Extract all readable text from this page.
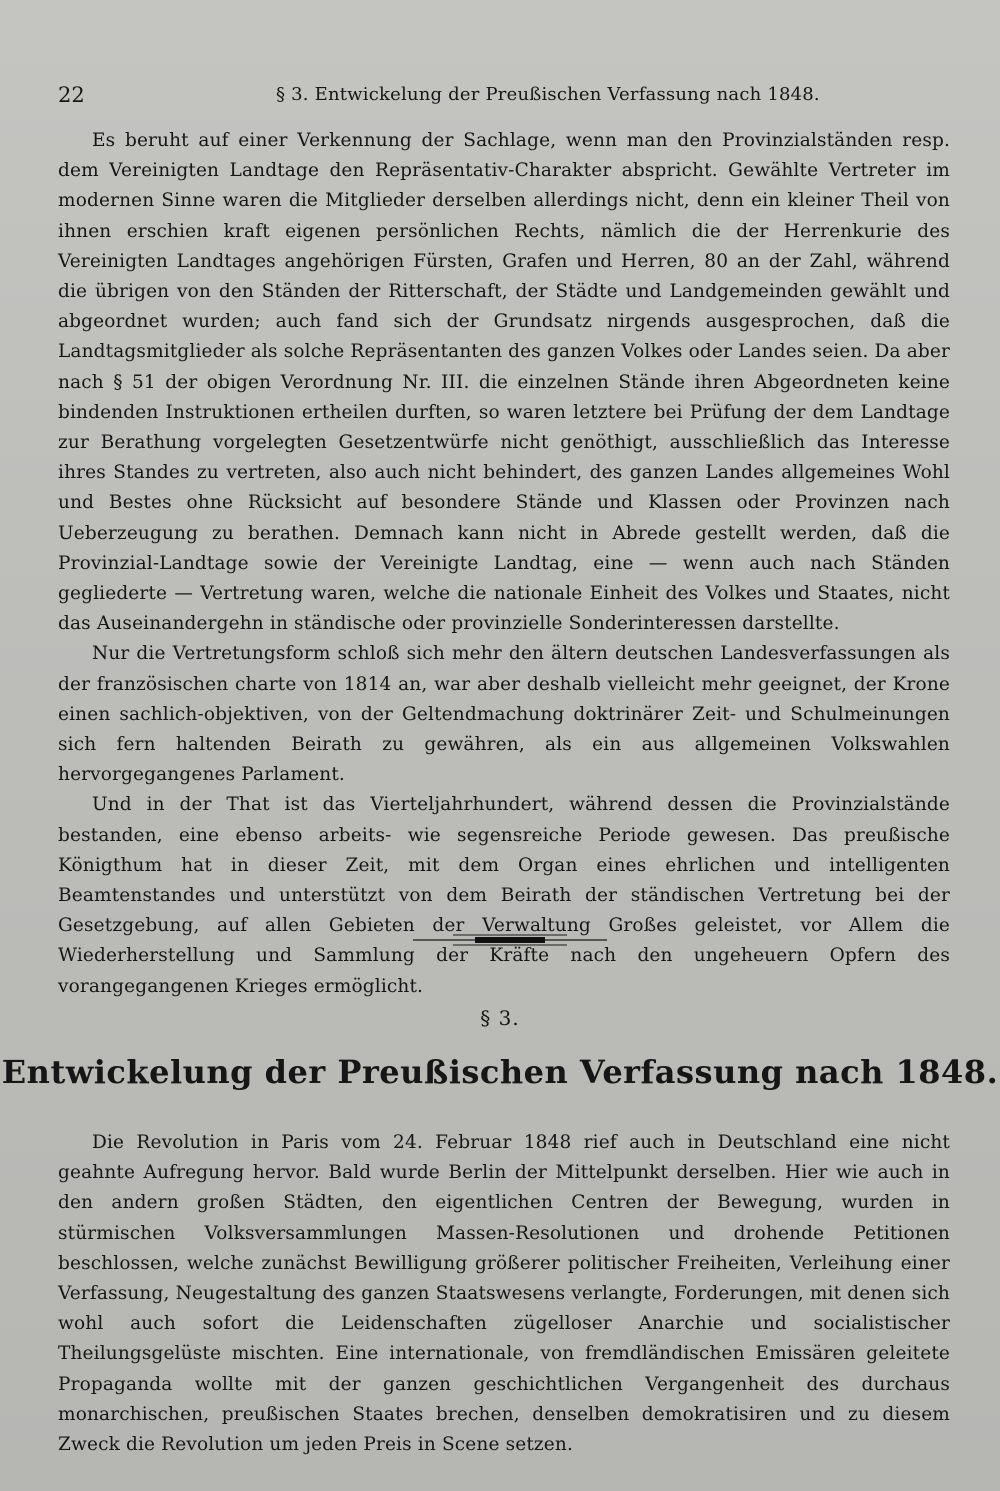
22	§ 3. Entwickelung der Preußischen Verfassung nach 1848.

Es beruht auf einer Verkennung der Sachlage, wenn man den Provinzialständen resp. dem Vereinigten Landtage den Repräsentativ-Charakter abspricht. Gewählte Vertreter im modernen Sinne waren die Mitglieder derselben allerdings nicht, denn ein kleiner Theil von ihnen erschien kraft eigenen persönlichen Rechts, nämlich die der Herrenkurie des Vereinigten Landtages angehörigen Fürsten, Grafen und Herren, 80 an der Zahl, während die übrigen von den Ständen der Ritterschaft, der Städte und Landgemeinden gewählt und abgeordnet wurden; auch fand sich der Grundsatz nirgends ausgesprochen, daß die Landtagsmitglieder als solche Repräsentanten des ganzen Volkes oder Landes seien. Da aber nach § 51 der obigen Verordnung Nr. III. die einzelnen Stände ihren Abgeordneten keine bindenden Instruktionen ertheilen durften, so waren letztere bei Prüfung der dem Landtage zur Berathung vorgelegten Gesetzentwürfe nicht genöthigt, ausschließlich das Interesse ihres Standes zu vertreten, also auch nicht behindert, des ganzen Landes allgemeines Wohl und Bestes ohne Rücksicht auf besondere Stände und Klassen oder Provinzen nach Ueberzeugung zu berathen. Demnach kann nicht in Abrede gestellt werden, daß die Provinzial-Landtage sowie der Vereinigte Landtag, eine — wenn auch nach Ständen gegliederte — Vertretung waren, welche die nationale Einheit des Volkes und Staates, nicht das Auseinandergehn in ständische oder provinzielle Sonderinteressen darstellte.

Nur die Vertretungsform schloß sich mehr den ältern deutschen Landesverfassungen als der französischen charte von 1814 an, war aber deshalb vielleicht mehr geeignet, der Krone einen sachlich-objektiven, von der Geltendmachung doktrinärer Zeit- und Schulmeinungen sich fern haltenden Beirath zu gewähren, als ein aus allgemeinen Volkswahlen hervorgegangenes Parlament.

Und in der That ist das Vierteljahrhundert, während dessen die Provinzialstände bestanden, eine ebenso arbeits- wie segensreiche Periode gewesen. Das preußische Königthum hat in dieser Zeit, mit dem Organ eines ehrlichen und intelligenten Beamtenstandes und unterstützt von dem Beirath der ständischen Vertretung bei der Gesetzgebung, auf allen Gebieten der Verwaltung Großes geleistet, vor Allem die Wiederherstellung und Sammlung der Kräfte nach den ungeheuern Opfern des vorangegangenen Krieges ermöglicht.

§ 3.
Entwickelung der Preußischen Verfassung nach 1848.

Die Revolution in Paris vom 24. Februar 1848 rief auch in Deutschland eine nicht geahnte Aufregung hervor. Bald wurde Berlin der Mittelpunkt derselben. Hier wie auch in den andern großen Städten, den eigentlichen Centren der Bewegung, wurden in stürmischen Volksversammlungen Massen-Resolutionen und drohende Petitionen beschlossen, welche zunächst Bewilligung größerer politischer Freiheiten, Verleihung einer Verfassung, Neugestaltung des ganzen Staatswesens verlangte, Forderungen, mit denen sich wohl auch sofort die Leidenschaften zügelloser Anarchie und socialistischer Theilungsgelüste mischten. Eine internationale, von fremdländischen Emissären geleitete Propaganda wollte mit der ganzen geschichtlichen Vergangenheit des durchaus monarchischen, preußischen Staates brechen, denselben demokratisiren und zu diesem Zweck die Revolution um jeden Preis in Scene setzen.
